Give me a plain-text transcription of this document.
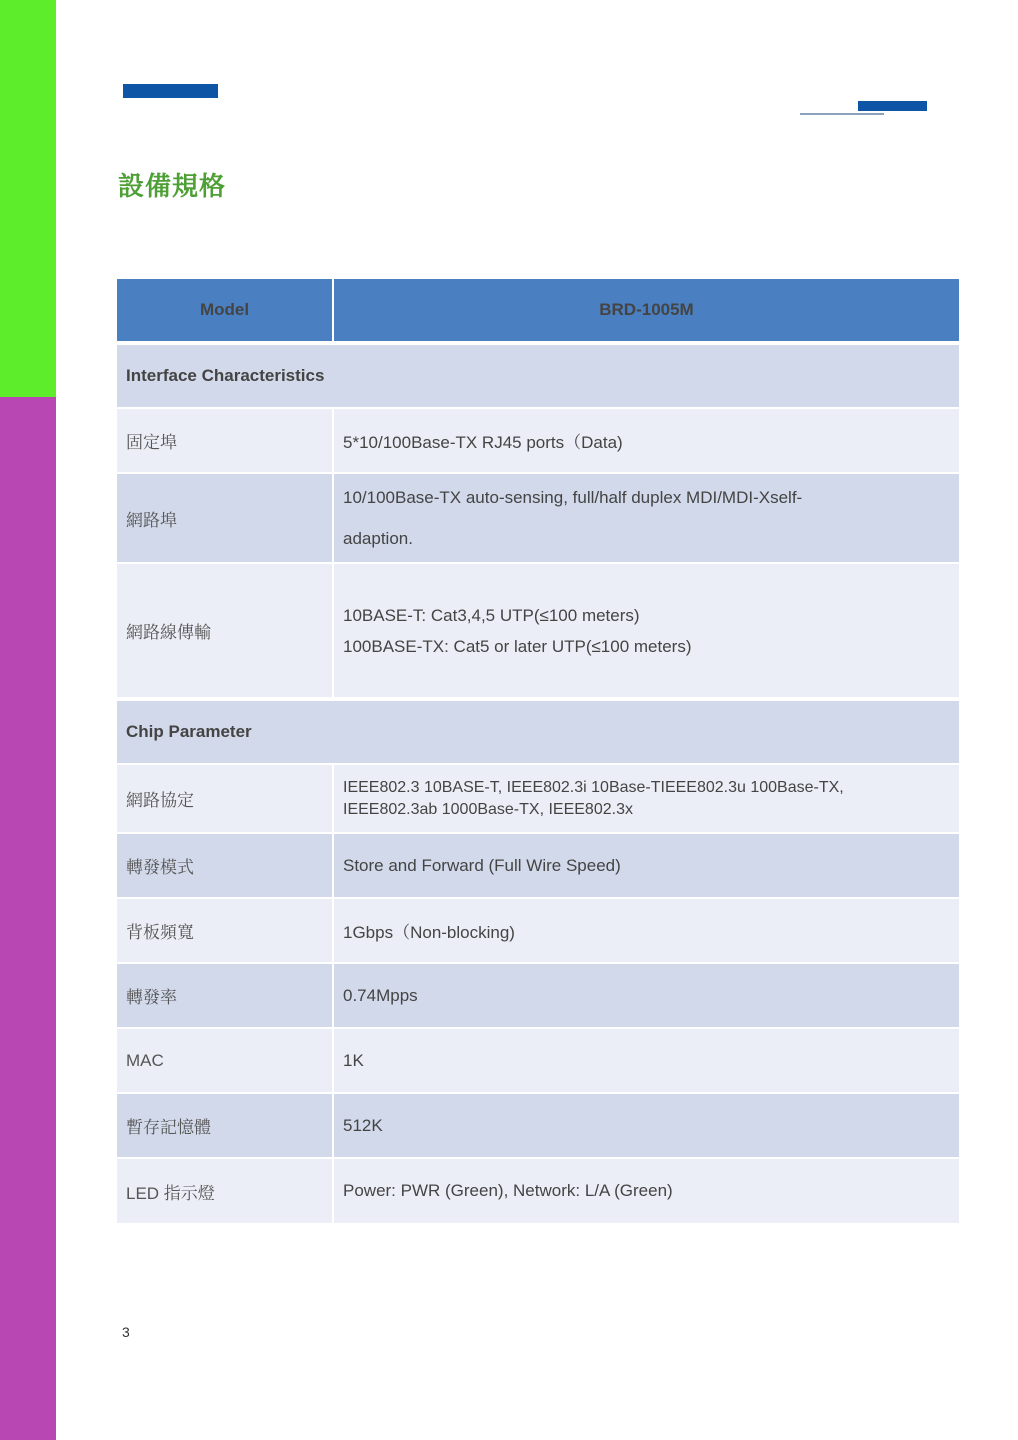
設備規格
Model	BRD-1005M
Interface Characteristics	
固定埠	5*10/100Base-TX RJ45 ports（Data)

網路埠	10/100Base-TX auto-sensing, full/half duplex MDI/MDI-Xself-
adaption.

網路線傳輸	10BASE-T: Cat3,4,5 UTP(≤100 meters)
100BASE-TX: Cat5 or later UTP(≤100 meters)

Chip Parameter	
網路協定	IEEE802.3 10BASE-T, IEEE802.3i 10Base-TIEEE802.3u 100Base-TX,
IEEE802.3ab 1000Base-TX, IEEE802.3x

轉發模式	Store and Forward (Full Wire Speed)

背板頻寬	1Gbps（Non-blocking)

轉發率	0.74Mpps

MAC	1K

暫存記憶體	512K

LED 指示燈	Power: PWR (Green), Network: L/A (Green)
3
